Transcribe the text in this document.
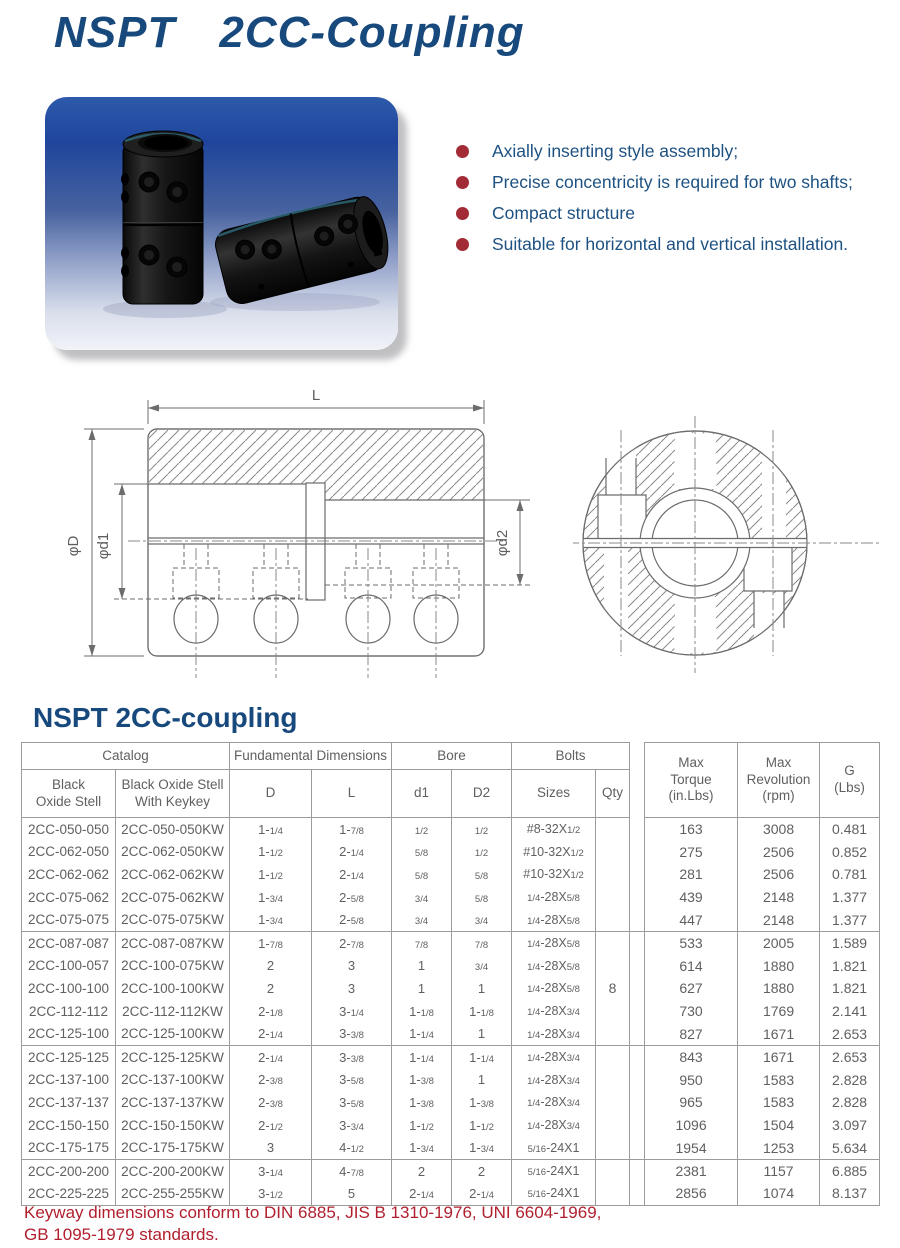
NSPT 2CC-Coupling
Axially inserting style assembly;
Precise concentricity is required for two shafts;
Compact structure
Suitable for horizontal and vertical installation.
L
φD φd1	φd2
NSPT 2CC-coupling
Catalog		Fundamental Dimensions		Bore		Bolts			Max
Torque
(in.Lbs)	Max
Revolution
(rpm)	G
(Lbs)
Black
Oxide Stell	Black Oxide Stell
With Keykey	D	L	d1	D2	Sizes	Qty				
2CC-050-050	2CC-050-050KW	1-1/4	1-7/8	1/2	1/2	#8-32X1/2			163	3008	0.481
2CC-062-050	2CC-062-050KW	1-1/2	2-1/4	5/8	1/2	#10-32X1/2			275	2506	0.852
2CC-062-062	2CC-062-062KW	1-1/2	2-1/4	5/8	5/8	#10-32X1/2			281	2506	0.781
2CC-075-062	2CC-075-062KW	1-3/4	2-5/8	3/4	5/8	1/4-28X5/8			439	2148	1.377
2CC-075-075	2CC-075-075KW	1-3/4	2-5/8	3/4	3/4	1/4-28X5/8			447	2148	1.377
2CC-087-087	2CC-087-087KW	1-7/8	2-7/8	7/8	7/8	1/4-28X5/8			533	2005	1.589
2CC-100-057	2CC-100-075KW	2	3	1	3/4	1/4-28X5/8			614	1880	1.821
2CC-100-100	2CC-100-100KW	2	3	1	1	1/4-28X5/8	8		627	1880	1.821
2CC-112-112	2CC-112-112KW	2-1/8	3-1/4	1-1/8	1-1/8	1/4-28X3/4			730	1769	2.141
2CC-125-100	2CC-125-100KW	2-1/4	3-3/8	1-1/4	1	1/4-28X3/4			827	1671	2.653
2CC-125-125	2CC-125-125KW	2-1/4	3-3/8	1-1/4	1-1/4	1/4-28X3/4			843	1671	2.653
2CC-137-100	2CC-137-100KW	2-3/8	3-5/8	1-3/8	1	1/4-28X3/4			950	1583	2.828
2CC-137-137	2CC-137-137KW	2-3/8	3-5/8	1-3/8	1-3/8	1/4-28X3/4			965	1583	2.828
2CC-150-150	2CC-150-150KW	2-1/2	3-3/4	1-1/2	1-1/2	1/4-28X3/4			1096	1504	3.097
2CC-175-175	2CC-175-175KW	3	4-1/2	1-3/4	1-3/4	5/16-24X1			1954	1253	5.634
2CC-200-200	2CC-200-200KW	3-1/4	4-7/8	2	2	5/16-24X1			2381	1157	6.885
2CC-225-225	2CC-255-255KW	3-1/2	5	2-1/4	2-1/4	5/16-24X1			2856	1074	8.137
Keyway dimensions conform to DIN 6885, JIS B 1310-1976, UNI 6604-1969,
GB 1095-1979 standards.
